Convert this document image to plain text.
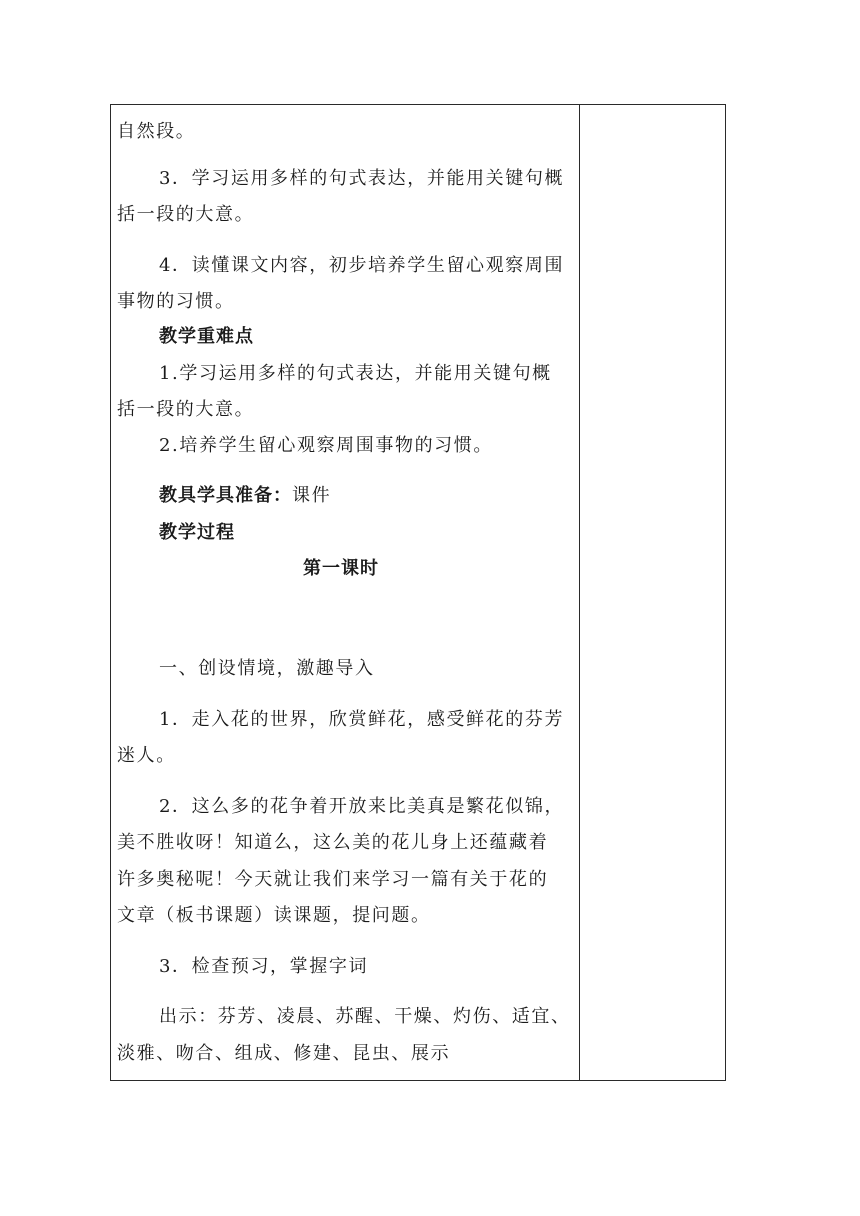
自然段。
3．学习运用多样的句式表达，并能用关键句概
括一段的大意。
4．读懂课文内容，初步培养学生留心观察周围
事物的习惯。
教学重难点
1.学习运用多样的句式表达，并能用关键句概
括一段的大意。
2.培养学生留心观察周围事物的习惯。
教具学具准备：课件
教学过程
第一课时
一、创设情境，激趣导入
1．走入花的世界，欣赏鲜花，感受鲜花的芬芳
迷人。
2．这么多的花争着开放来比美真是繁花似锦，
美不胜收呀！知道么，这么美的花儿身上还蕴藏着
许多奥秘呢！今天就让我们来学习一篇有关于花的
文章（板书课题）读课题，提问题。
3．检查预习，掌握字词
出示：芬芳、凌晨、苏醒、干燥、灼伤、适宜、
淡雅、吻合、组成、修建、昆虫、展示
